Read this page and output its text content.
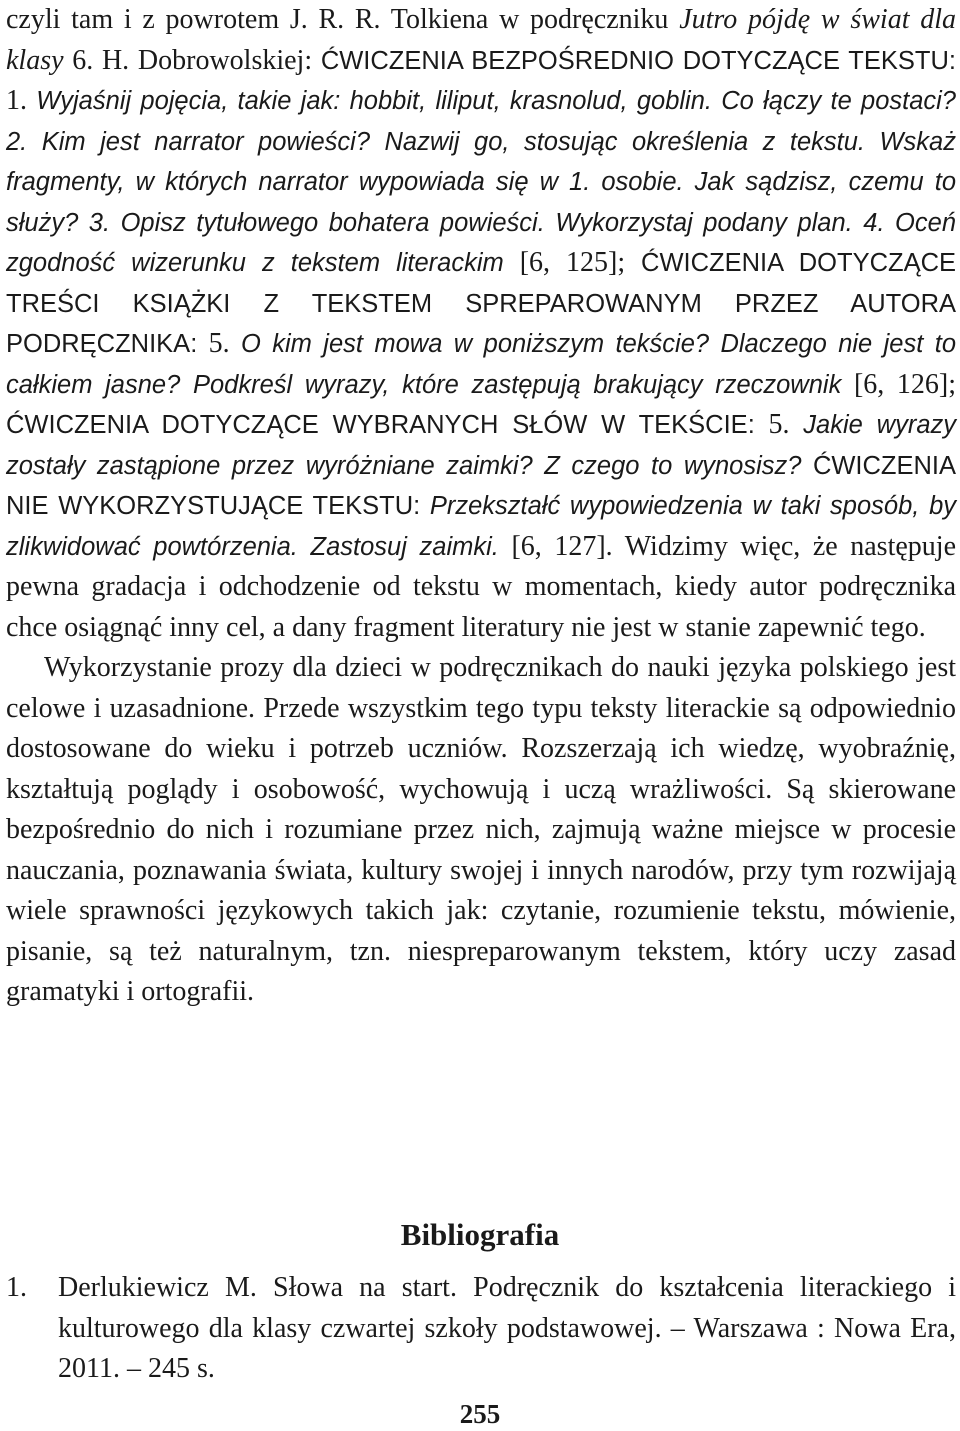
czyli tam i z powrotem J. R. R. Tolkiena w podręczniku Jutro pójdę w świat dla klasy 6. H. Dobrowolskiej: ĆWICZENIA BEZPOŚREDNIO DOTYCZĄCE TEKSTU: 1. Wyjaśnij pojęcia, takie jak: hobbit, liliput, krasnolud, goblin. Co łączy te postaci? 2. Kim jest narrator powieści? Nazwij go, stosując określenia z tekstu. Wskaż fragmenty, w których narrator wypowiada się w 1. osobie. Jak sądzisz, czemu to służy? 3. Opisz tytułowego bohatera powieści. Wykorzystaj podany plan. 4. Oceń zgodność wizerunku z tekstem literackim [6, 125]; ĆWICZENIA DOTYCZĄCE TREŚCI KSIĄŻKI Z TEKSTEM SPREPAROWANYM PRZEZ AUTORA PODRĘCZNIKA: 5. O kim jest mowa w poniższym tekście? Dlaczego nie jest to całkiem jasne? Podkreśl wyrazy, które zastępują brakujący rzeczownik [6, 126]; ĆWICZENIA DOTYCZĄCE WYBRANYCH SŁÓW W TEKŚCIE: 5. Jakie wyrazy zostały zastąpione przez wyróżniane zaimki? Z czego to wynosisz? ĆWICZENIA NIE WYKORZYSTUJĄCE TEKSTU: Przekształć wypowiedzenia w taki sposób, by zlikwidować powtórzenia. Zastosuj zaimki. [6, 127]. Widzimy więc, że następuje pewna gradacja i odchodzenie od tekstu w momentach, kiedy autor podręcznika chce osiągnąć inny cel, a dany fragment literatury nie jest w stanie zapewnić tego.

Wykorzystanie prozy dla dzieci w podręcznikach do nauki języka polskiego jest celowe i uzasadnione. Przede wszystkim tego typu teksty literackie są odpowiednio dostosowane do wieku i potrzeb uczniów. Rozszerzają ich wiedzę, wyobraźnię, kształtują poglądy i osobowość, wychowują i uczą wrażliwości. Są skierowane bezpośrednio do nich i rozumiane przez nich, zajmują ważne miejsce w procesie nauczania, poznawania świata, kultury swojej i innych narodów, przy tym rozwijają wiele sprawności językowych takich jak: czytanie, rozumienie tekstu, mówienie, pisanie, są też naturalnym, tzn. niespreparowanym tekstem, który uczy zasad gramatyki i ortografii.

Bibliografia
1.	Derlukiewicz M. Słowa na start. Podręcznik do kształcenia literackiego i kulturowego dla klasy czwartej szkoły podstawowej. – Warszawa : Nowa Era, 2011. – 245 s.
255
